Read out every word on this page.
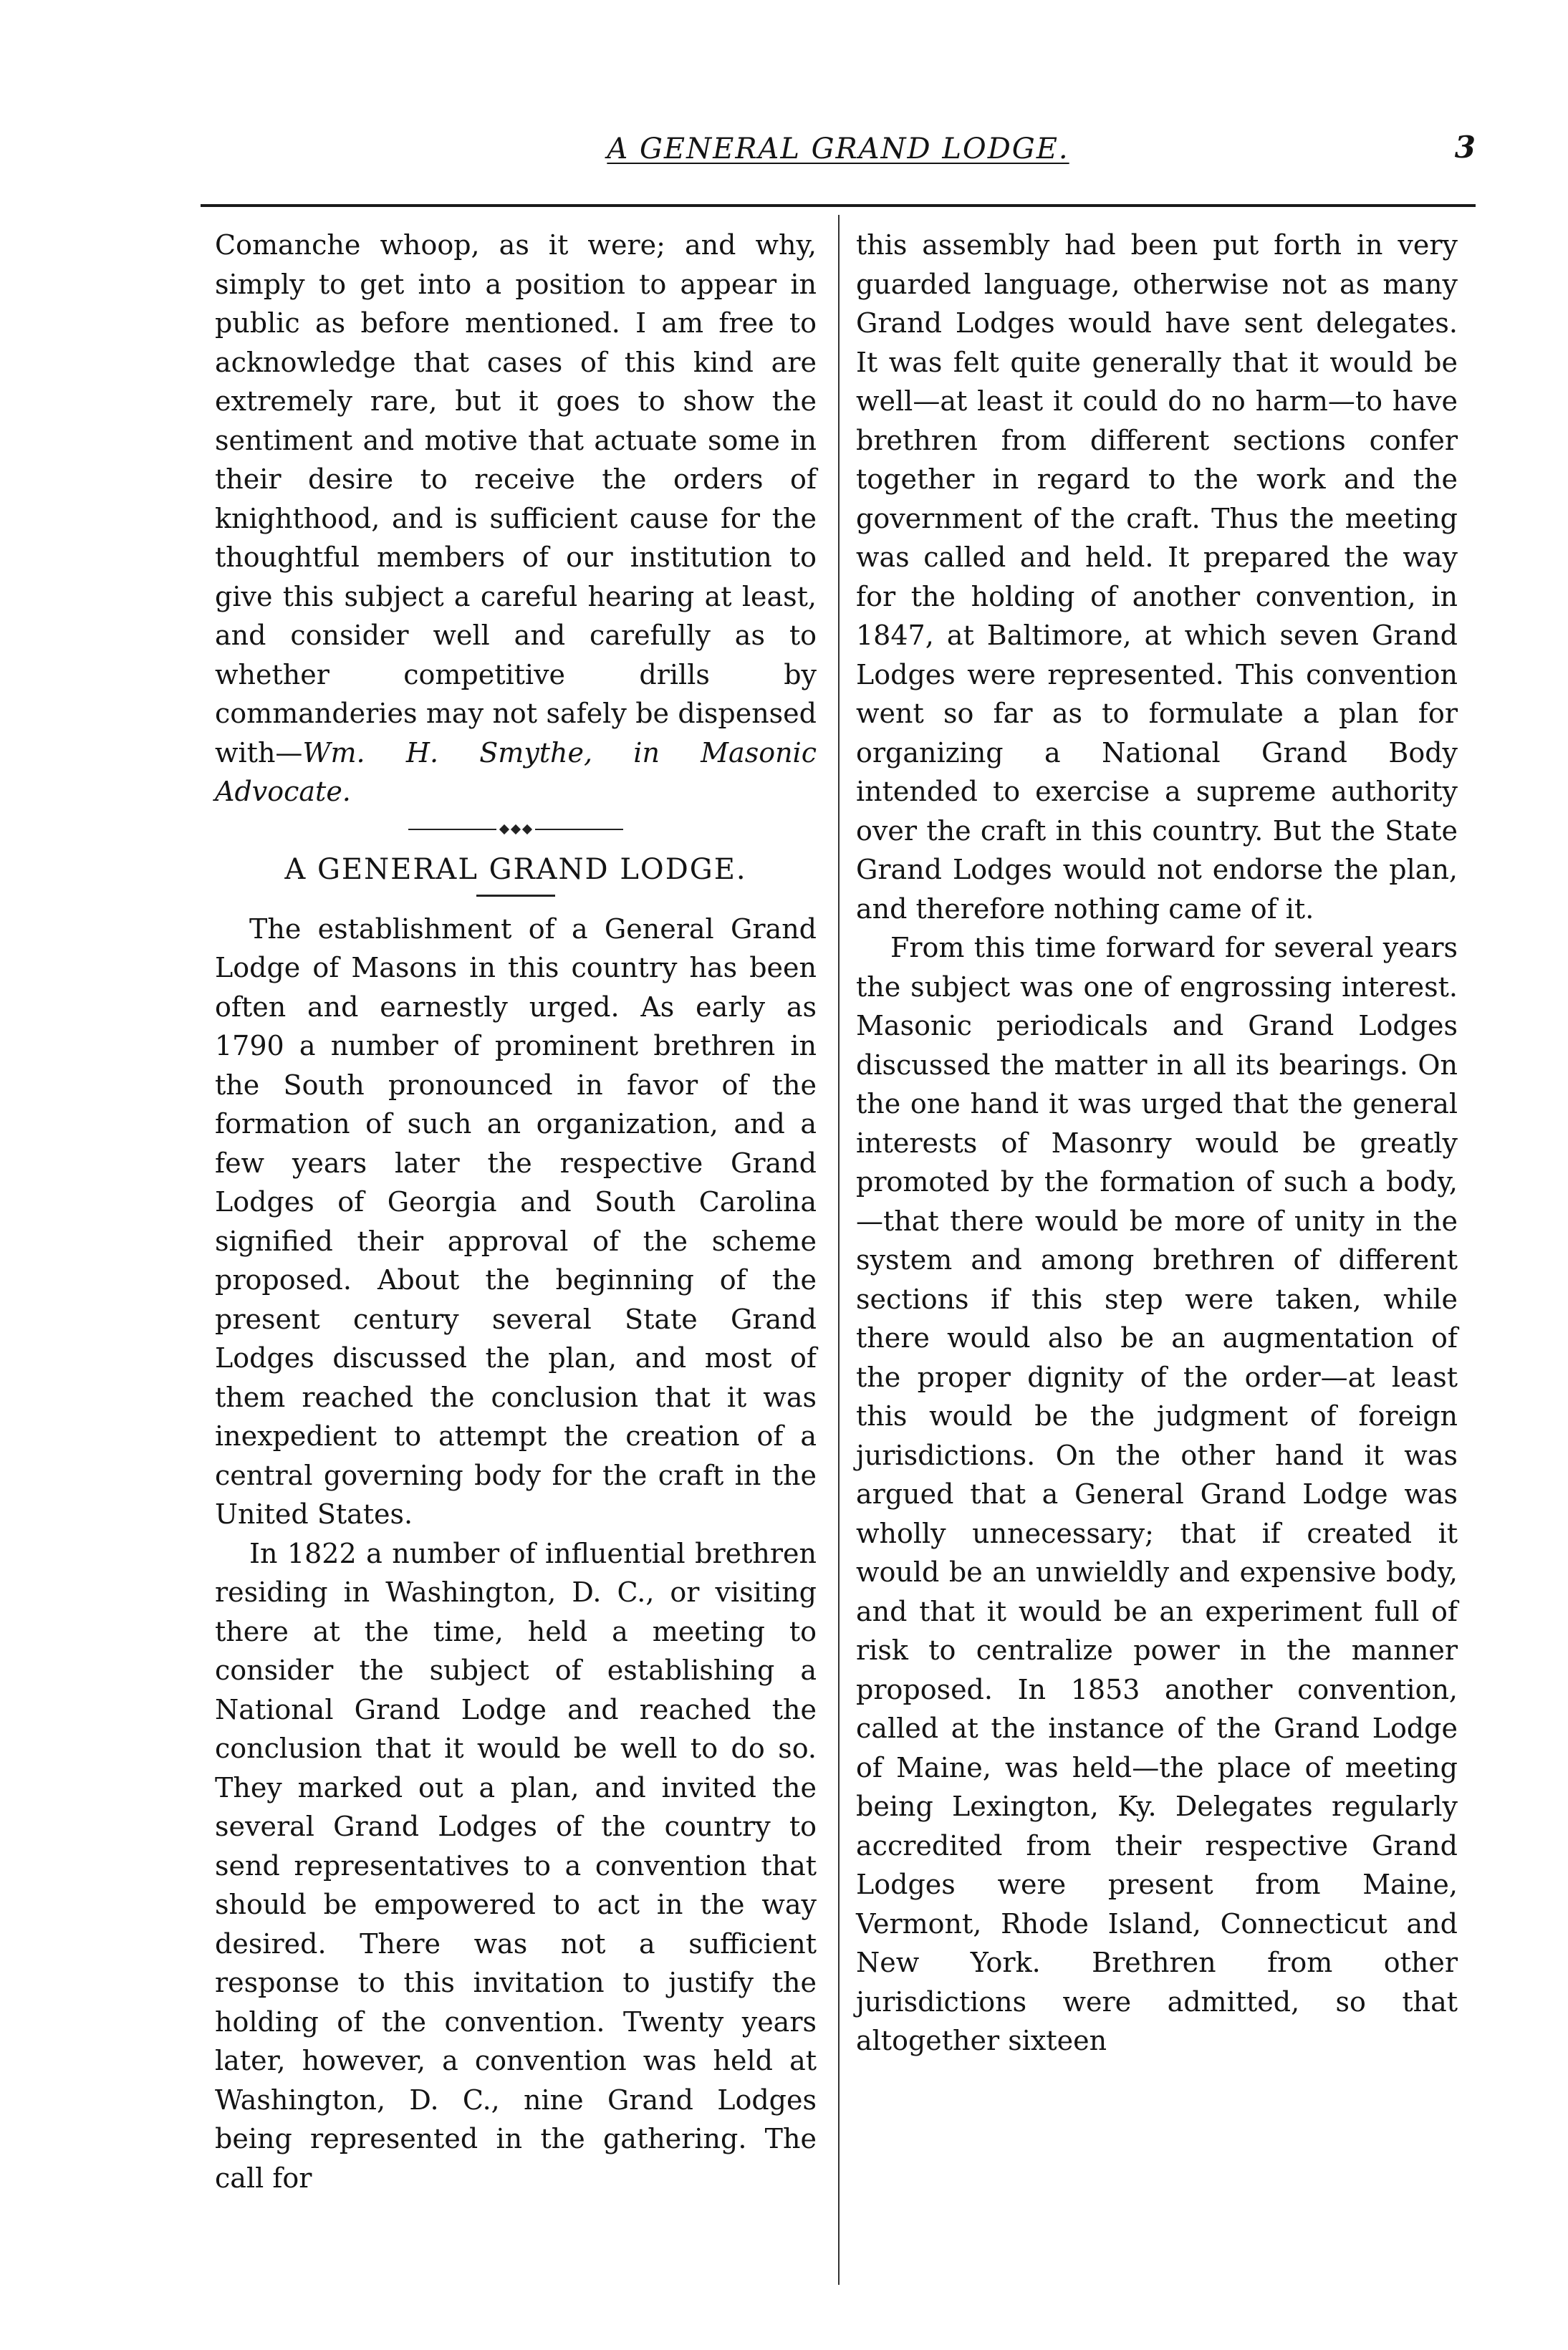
A GENERAL GRAND LODGE.	3

Comanche whoop, as it were; and why, simply to get into a position to appear in public as before mentioned. I am free to acknowledge that cases of this kind are extremely rare, but it goes to show the sentiment and motive that actuate some in their desire to receive the orders of knighthood, and is sufficient cause for the thoughtful members of our institution to give this subject a careful hearing at least, and consider well and carefully as to whether competitive drills by commanderies may not safely be dispensed with—Wm. H. Smythe, in Masonic Advocate.

A GENERAL GRAND LODGE.

The establishment of a General Grand Lodge of Masons in this country has been often and earnestly urged. As early as 1790 a number of prominent brethren in the South pronounced in favor of the formation of such an organization, and a few years later the respective Grand Lodges of Georgia and South Carolina signified their approval of the scheme proposed. About the beginning of the present century several State Grand Lodges discussed the plan, and most of them reached the conclusion that it was inexpedient to attempt the creation of a central governing body for the craft in the United States.

In 1822 a number of influential brethren residing in Washington, D. C., or visiting there at the time, held a meeting to consider the subject of establishing a National Grand Lodge and reached the conclusion that it would be well to do so. They marked out a plan, and invited the several Grand Lodges of the country to send representatives to a convention that should be empowered to act in the way desired. There was not a sufficient response to this invitation to justify the holding of the convention. Twenty years later, however, a convention was held at Washington, D. C., nine Grand Lodges being represented in the gathering. The call for

this assembly had been put forth in very guarded language, otherwise not as many Grand Lodges would have sent delegates. It was felt quite generally that it would be well—at least it could do no harm—to have brethren from different sections confer together in regard to the work and the government of the craft. Thus the meeting was called and held. It prepared the way for the holding of another convention, in 1847, at Baltimore, at which seven Grand Lodges were represented. This convention went so far as to formulate a plan for organizing a National Grand Body intended to exercise a supreme authority over the craft in this country. But the State Grand Lodges would not endorse the plan, and therefore nothing came of it.

From this time forward for several years the subject was one of engrossing interest. Masonic periodicals and Grand Lodges discussed the matter in all its bearings. On the one hand it was urged that the general interests of Masonry would be greatly promoted by the formation of such a body,—that there would be more of unity in the system and among brethren of different sections if this step were taken, while there would also be an augmentation of the proper dignity of the order—at least this would be the judgment of foreign jurisdictions. On the other hand it was argued that a General Grand Lodge was wholly unnecessary; that if created it would be an unwieldly and expensive body, and that it would be an experiment full of risk to centralize power in the manner proposed. In 1853 another convention, called at the instance of the Grand Lodge of Maine, was held—the place of meeting being Lexington, Ky. Delegates regularly accredited from their respective Grand Lodges were present from Maine, Vermont, Rhode Island, Connecticut and New York. Brethren from other jurisdictions were admitted, so that altogether sixteen
